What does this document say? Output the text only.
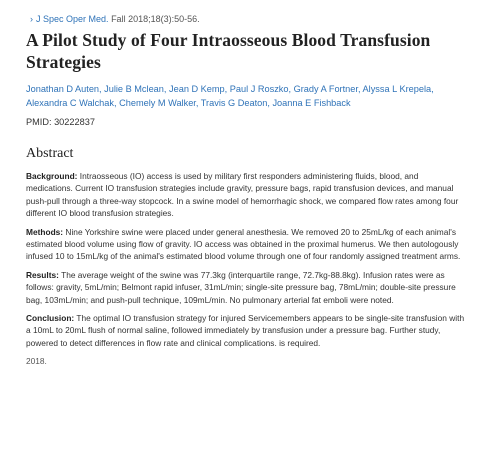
› J Spec Oper Med. Fall 2018;18(3):50-56.
A Pilot Study of Four Intraosseous Blood Transfusion Strategies
Jonathan D Auten, Julie B Mclean, Jean D Kemp, Paul J Roszko, Grady A Fortner, Alyssa L Krepela, Alexandra C Walchak, Chemely M Walker, Travis G Deaton, Joanna E Fishback
PMID: 30222837
Abstract

Background: Intraosseous (IO) access is used by military first responders administering fluids, blood, and medications. Current IO transfusion strategies include gravity, pressure bags, rapid transfusion devices, and manual push-pull through a three-way stopcock. In a swine model of hemorrhagic shock, we compared flow rates among four different IO blood transfusion strategies.

Methods: Nine Yorkshire swine were placed under general anesthesia. We removed 20 to 25mL/kg of each animal's estimated blood volume using flow of gravity. IO access was obtained in the proximal humerus. We then autologously infused 10 to 15mL/kg of the animal's estimated blood volume through one of four randomly assigned treatment arms.

Results: The average weight of the swine was 77.3kg (interquartile range, 72.7kg-88.8kg). Infusion rates were as follows: gravity, 5mL/min; Belmont rapid infuser, 31mL/min; single-site pressure bag, 78mL/min; double-site pressure bag, 103mL/min; and push-pull technique, 109mL/min. No pulmonary arterial fat emboli were noted.

Conclusion: The optimal IO transfusion strategy for injured Servicemembers appears to be single-site transfusion with a 10mL to 20mL flush of normal saline, followed immediately by transfusion under a pressure bag. Further study, powered to detect differences in flow rate and clinical complications. is required.

2018.
